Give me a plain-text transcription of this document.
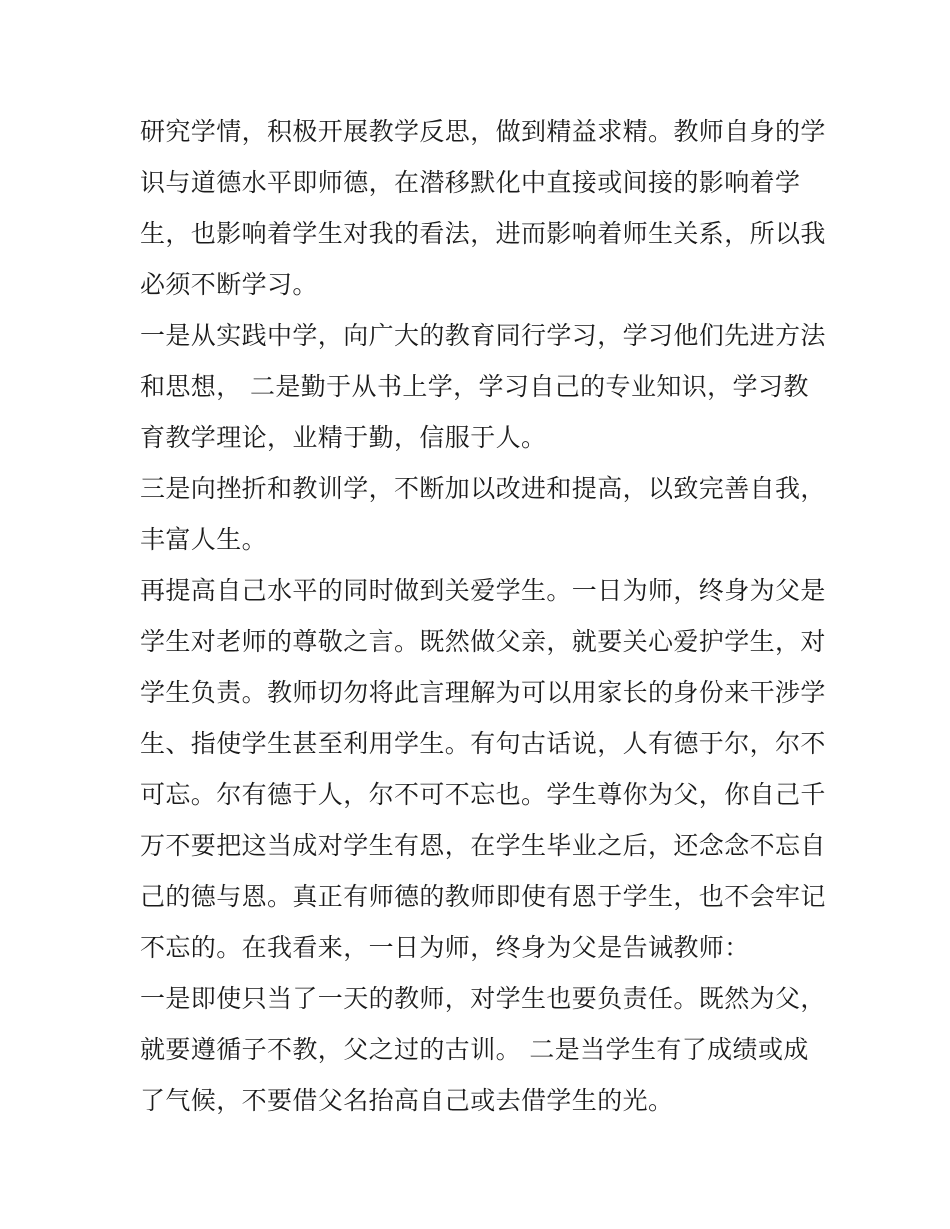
研究学情，积极开展教学反思，做到精益求精。教师自身的学
识与道德水平即师德，在潜移默化中直接或间接的影响着学
生，也影响着学生对我的看法，进而影响着师生关系，所以我
必须不断学习。
一是从实践中学，向广大的教育同行学习，学习他们先进方法
和思想， 二是勤于从书上学，学习自己的专业知识，学习教
育教学理论，业精于勤，信服于人。
三是向挫折和教训学，不断加以改进和提高，以致完善自我，
丰富人生。
再提高自己水平的同时做到关爱学生。一日为师，终身为父是
学生对老师的尊敬之言。既然做父亲，就要关心爱护学生，对
学生负责。教师切勿将此言理解为可以用家长的身份来干涉学
生、指使学生甚至利用学生。有句古话说，人有德于尔，尔不
可忘。尔有德于人，尔不可不忘也。学生尊你为父，你自己千
万不要把这当成对学生有恩，在学生毕业之后，还念念不忘自
己的德与恩。真正有师德的教师即使有恩于学生，也不会牢记
不忘的。在我看来，一日为师，终身为父是告诫教师：
一是即使只当了一天的教师，对学生也要负责任。既然为父，
就要遵循子不教，父之过的古训。 二是当学生有了成绩或成
了气候，不要借父名抬高自己或去借学生的光。
